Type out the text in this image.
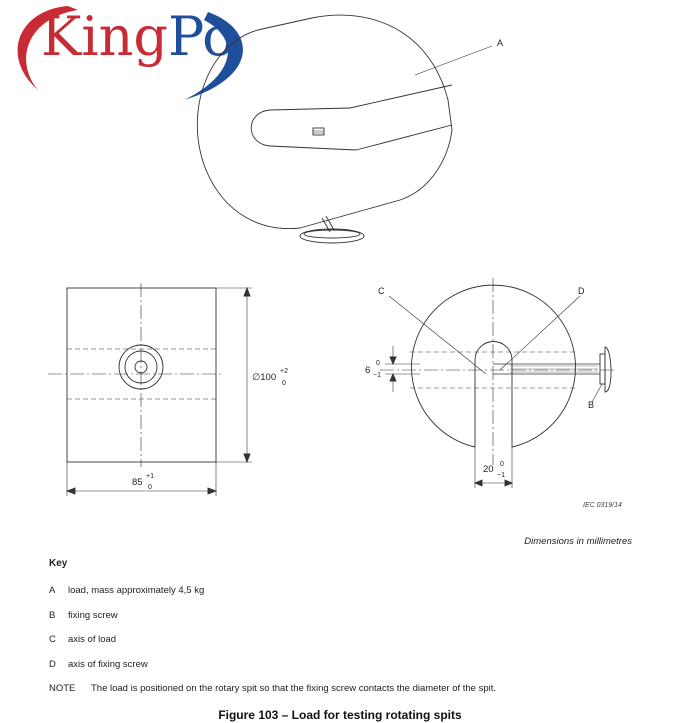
KingPo	A
C	D
B
∅100
+2
0
85
+1
0
6
0
−1
20 0
−1
IEC 0319/14
Dimensions in millimetres
Key
A load, mass approximately 4,5 kg
B fixing screw
C axis of load
D axis of fixing screw
NOTE The load is positioned on the rotary spit so that the fixing screw contacts the diameter of the spit.
Figure 103 – Load for testing rotating spits
